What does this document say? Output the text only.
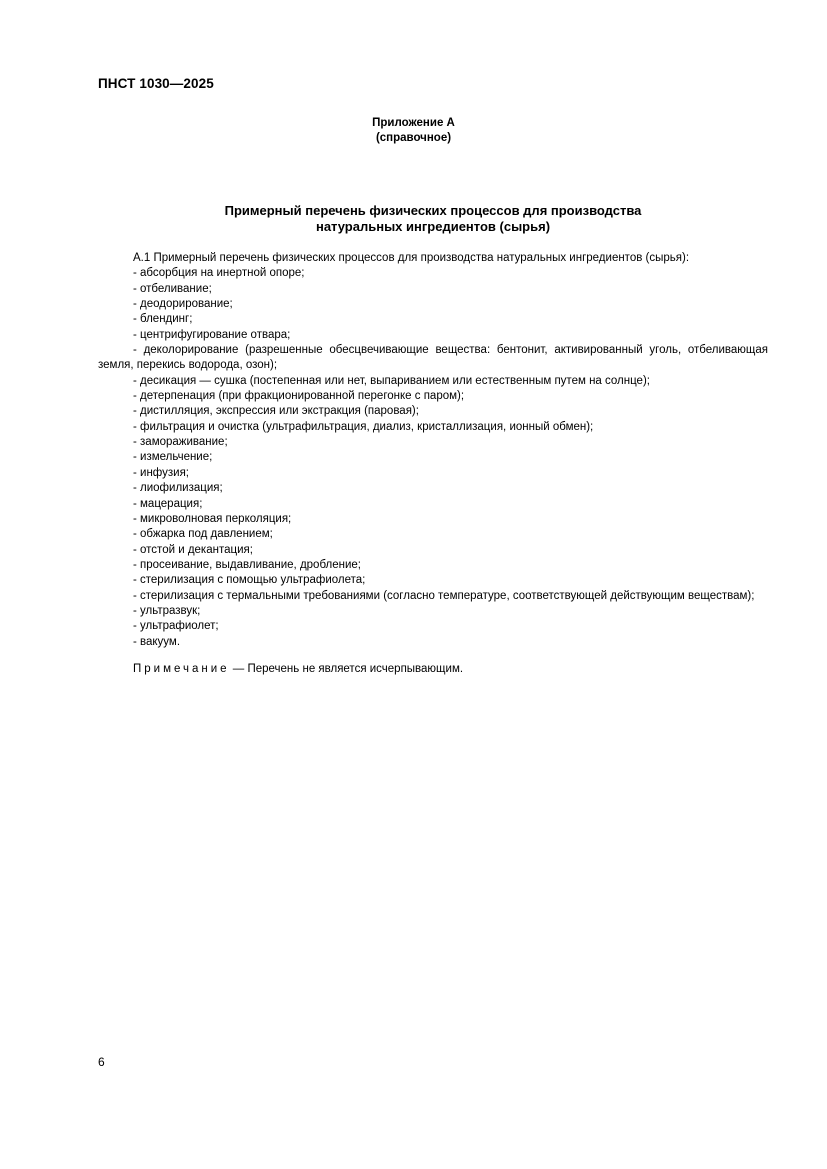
ПНСТ 1030—2025
Приложение А
(справочное)
Примерный перечень физических процессов для производства
натуральных ингредиентов (сырья)

А.1 Примерный перечень физических процессов для производства натуральных ингредиентов (сырья):

- абсорбция на инертной опоре;
- отбеливание;
- деодорирование;
- блендинг;
- центрифугирование отвара;
- деколорирование (разрешенные обесцвечивающие вещества: бентонит, активированный уголь, отбеливающая земля, перекись водорода, озон);
- десикация — сушка (постепенная или нет, выпариванием или естественным путем на солнце);
- детерпенация (при фракционированной перегонке с паром);
- дистилляция, экспрессия или экстракция (паровая);
- фильтрация и очистка (ультрафильтрация, диализ, кристаллизация, ионный обмен);
- замораживание;
- измельчение;
- инфузия;
- лиофилизация;
- мацерация;
- микроволновая перколяция;
- обжарка под давлением;
- отстой и декантация;
- просеивание, выдавливание, дробление;
- стерилизация с помощью ультрафиолета;
- стерилизация с термальными требованиями (согласно температуре, соответствующей действующим веществам);
- ультразвук;
- ультрафиолет;
- вакуум.

Примечание — Перечень не является исчерпывающим.

6
